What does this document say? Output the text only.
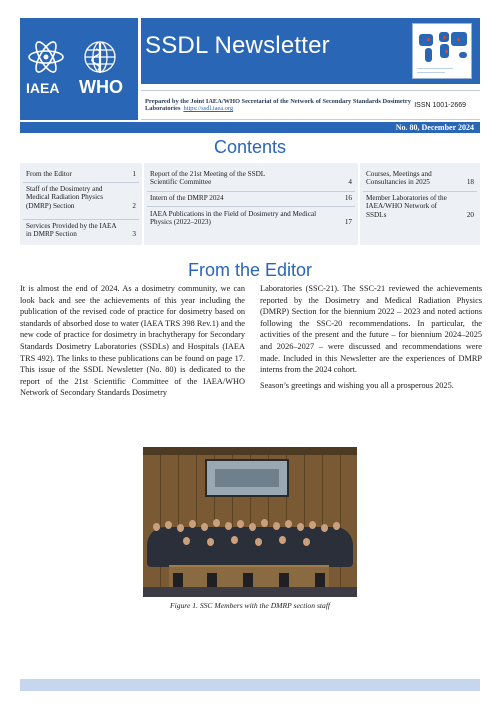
IAEA WHO
SSDL Newsletter
Prepared by the Joint IAEA/WHO Secretariat of the Network of Secondary Standards Dosimetry Laboratories https://ssdl.iaea.org	ISSN 1001-2669
No. 80, December 2024
Contents
From the Editor	1
Staff of the Dosimetry and Medical Radiation Physics (DMRP) Section	2
Services Provided by the IAEA in DMRP Section	3
Report of the 21st Meeting of the SSDL Scientific Committee	4
Intern of the DMRP 2024	16
IAEA Publications in the Field of Dosimetry and Medical Physics (2022–2023)	17
Courses, Meetings and Consultancies in 2025	18
Member Laboratories of the IAEA/WHO Network of SSDLs	20
From the Editor

It is almost the end of 2024. As a dosimetry community, we can look back and see the achievements of this year including the publication of the revised code of practice for dosimetry based on standards of absorbed dose to water (IAEA TRS 398 Rev.1) and the new code of practice for dosimetry in brachytherapy for Secondary Standards Dosimetry Laboratories (SSDLs) and Hospitals (IAEA TRS 492). The links to these publications can be found on page 17. This issue of the SSDL Newsletter (No. 80) is dedicated to the report of the 21st Scientific Committee of the IAEA/WHO Network of Secondary Standards Dosimetry

Laboratories (SSC-21). The SSC-21 reviewed the achievements reported by the Dosimetry and Medical Radiation Physics (DMRP) Section for the biennium 2022 – 2023 and noted actions following the SSC-20 recommendations. In particular, the activities of the present and the future – for biennium 2024–2025 and 2026–2027 – were discussed and recommendations were made. Included in this Newsletter are the experiences of DMRP interns from the 2024 cohort.

Season’s greetings and wishing you all a prosperous 2025.

Figure 1. SSC Members with the DMRP section staff
